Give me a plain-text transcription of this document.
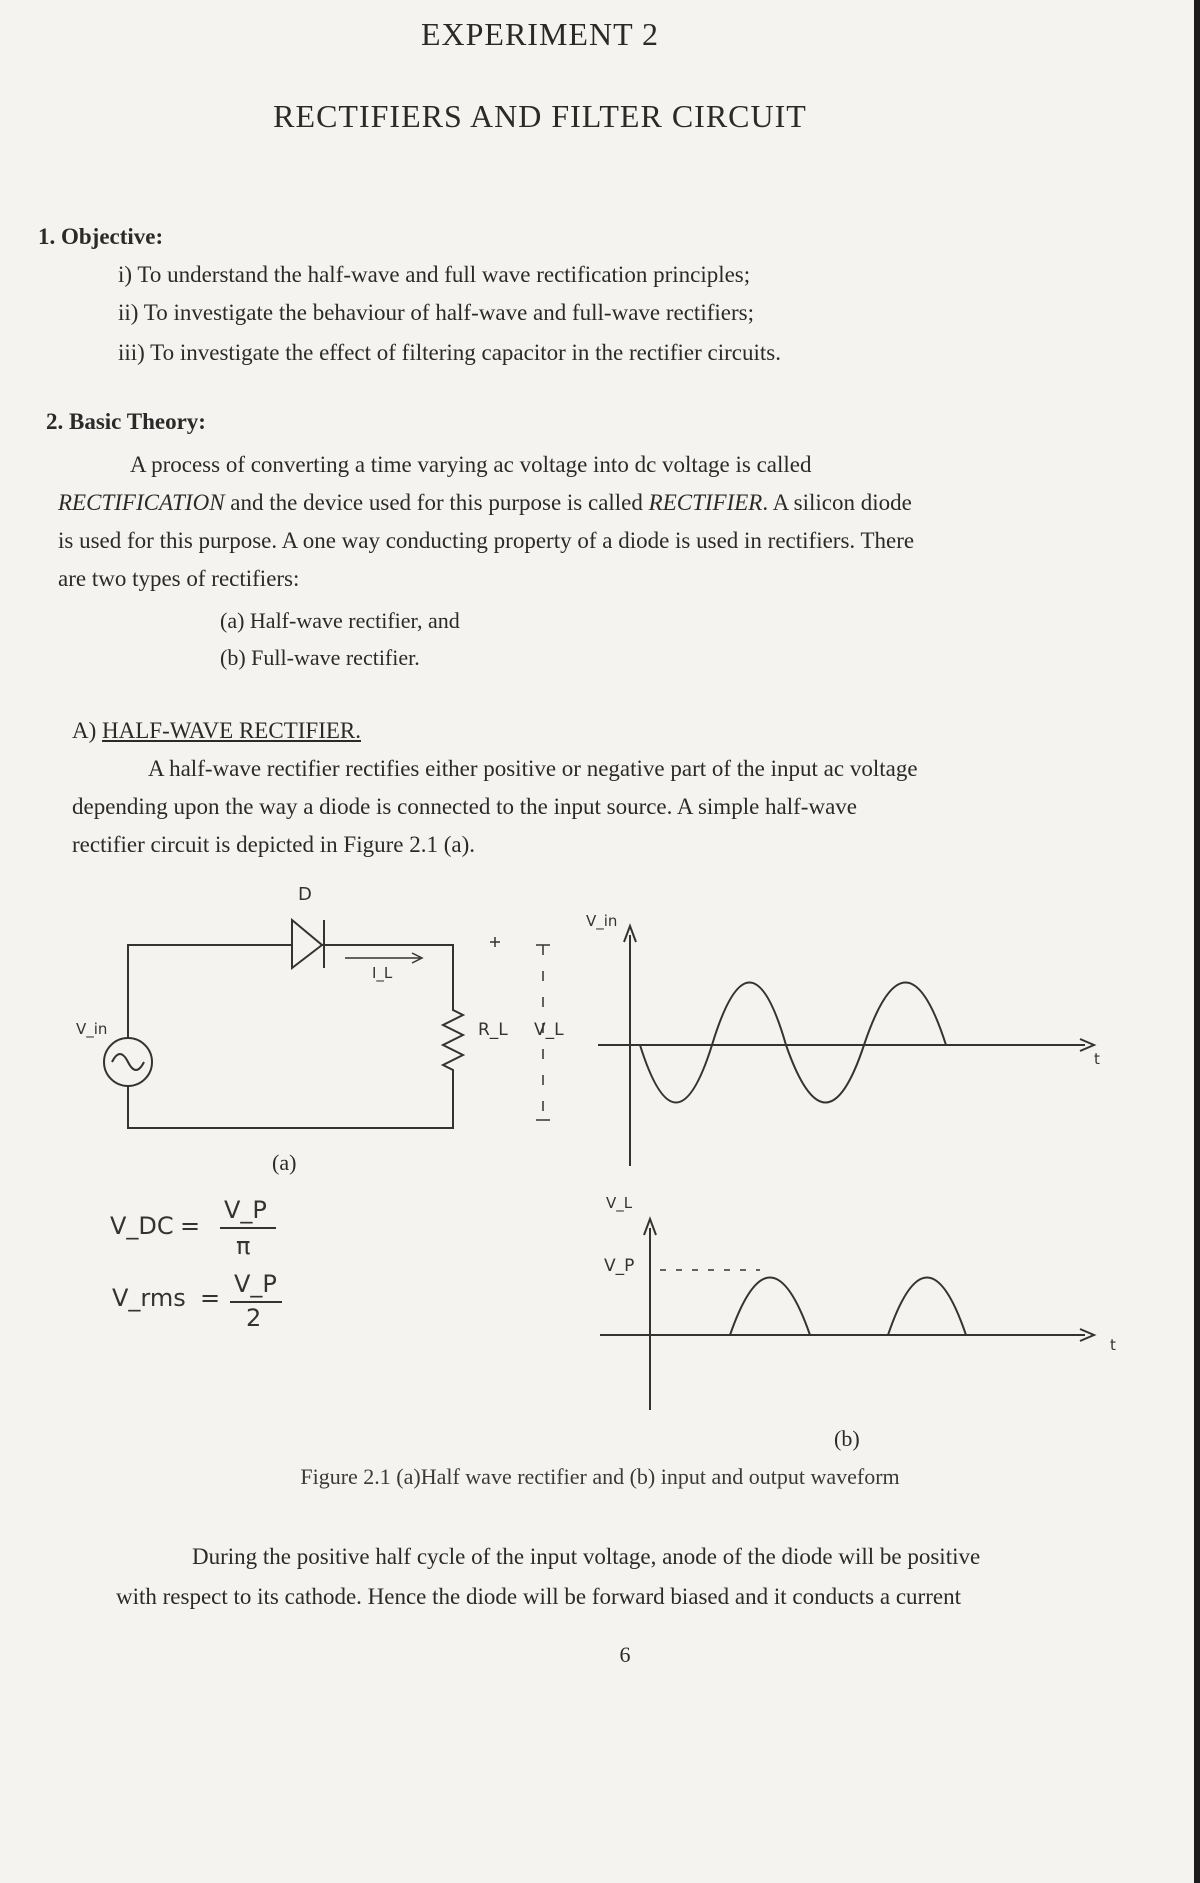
EXPERIMENT 2
RECTIFIERS AND FILTER CIRCUIT
1. Objective:
i) To understand the half-wave and full wave rectification principles;
ii) To investigate the behaviour of half-wave and full-wave rectifiers;
iii) To investigate the effect of filtering capacitor in the rectifier circuits.
2. Basic Theory:
A process of converting a time varying ac voltage into dc voltage is called
RECTIFICATION and the device used for this purpose is called RECTIFIER. A silicon diode
is used for this purpose. A one way conducting property of a diode is used in rectifiers. There
are two types of rectifiers:
(a) Half-wave rectifier, and
(b) Full-wave rectifier.
A) HALF-WAVE RECTIFIER.
A half-wave rectifier rectifies either positive or negative part of the input ac voltage
depending upon the way a diode is connected to the input source. A simple half-wave
rectifier circuit is depicted in Figure 2.1 (a).
D
I_L
R_L
V_in	V_L
(a)
V_in
t
V_L
V_P
t
(b)
V_DC =
V_P
π
V_rms = V_P
2
Figure 2.1 (a)Half wave rectifier and (b) input and output waveform
During the positive half cycle of the input voltage, anode of the diode will be positive
with respect to its cathode. Hence the diode will be forward biased and it conducts a current
6
